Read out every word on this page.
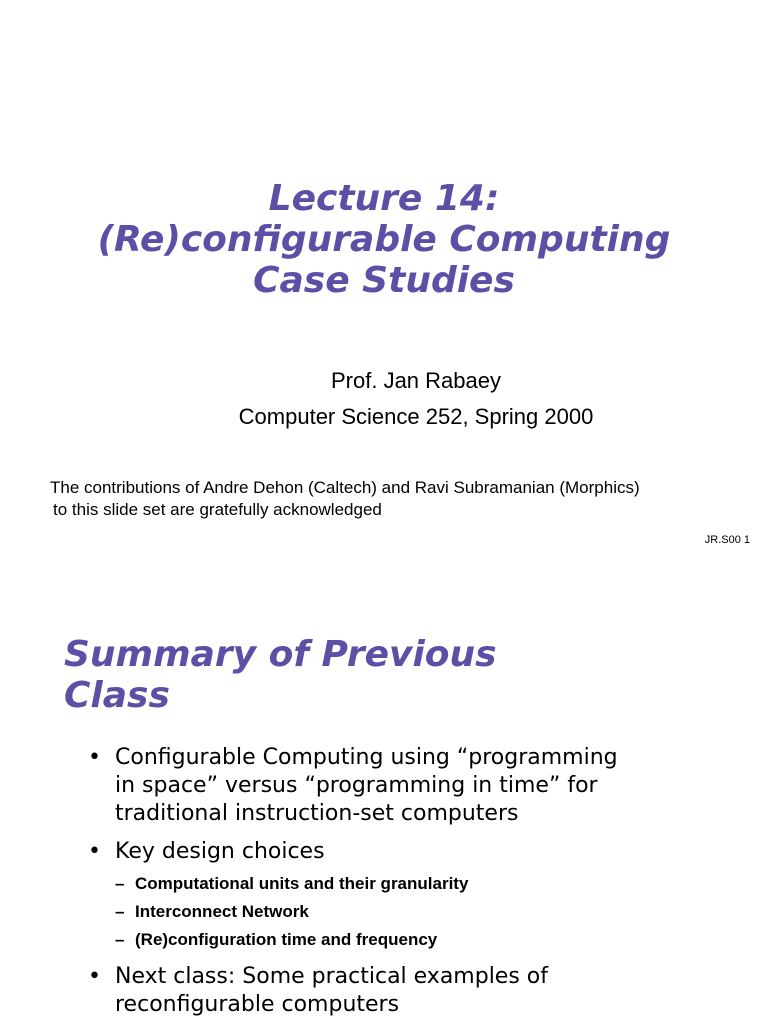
Lecture 14:
(Re)configurable Computing
Case Studies
Prof. Jan Rabaey
Computer Science 252, Spring 2000
The contributions of Andre Dehon (Caltech) and Ravi Subramanian (Morphics)
to this slide set are gratefully acknowledged
JR.S00 1
Summary of Previous
Class
• Configurable Computing using “programming
in space” versus “programming in time” for
traditional instruction-set computers
• Key design choices
– Computational units and their granularity
– Interconnect Network
– (Re)configuration time and frequency
• Next class: Some practical examples of
reconfigurable computers
